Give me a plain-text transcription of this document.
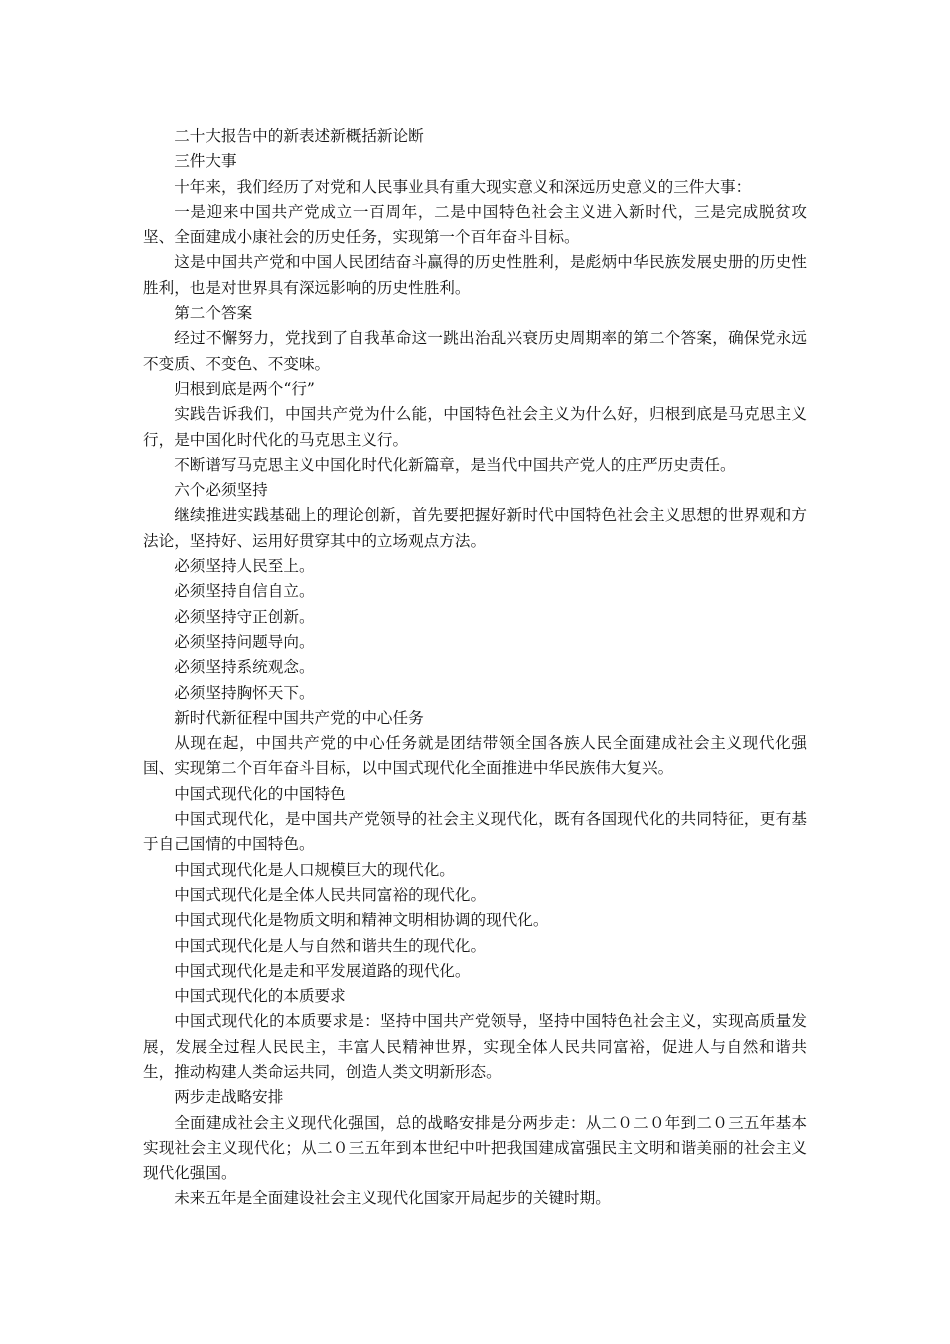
二十大报告中的新表述新概括新论断

三件大事

十年来，我们经历了对党和人民事业具有重大现实意义和深远历史意义的三件大事：

一是迎来中国共产党成立一百周年，二是中国特色社会主义进入新时代，三是完成脱贫攻坚、全面建成小康社会的历史任务，实现第一个百年奋斗目标。

这是中国共产党和中国人民团结奋斗赢得的历史性胜利，是彪炳中华民族发展史册的历史性胜利，也是对世界具有深远影响的历史性胜利。

第二个答案

经过不懈努力，党找到了自我革命这一跳出治乱兴衰历史周期率的第二个答案，确保党永远不变质、不变色、不变味。

归根到底是两个“行”

实践告诉我们，中国共产党为什么能，中国特色社会主义为什么好，归根到底是马克思主义行，是中国化时代化的马克思主义行。

不断谱写马克思主义中国化时代化新篇章，是当代中国共产党人的庄严历史责任。

六个必须坚持

继续推进实践基础上的理论创新，首先要把握好新时代中国特色社会主义思想的世界观和方法论，坚持好、运用好贯穿其中的立场观点方法。

必须坚持人民至上。

必须坚持自信自立。

必须坚持守正创新。

必须坚持问题导向。

必须坚持系统观念。

必须坚持胸怀天下。

新时代新征程中国共产党的中心任务

从现在起，中国共产党的中心任务就是团结带领全国各族人民全面建成社会主义现代化强国、实现第二个百年奋斗目标，以中国式现代化全面推进中华民族伟大复兴。

中国式现代化的中国特色

中国式现代化，是中国共产党领导的社会主义现代化，既有各国现代化的共同特征，更有基于自己国情的中国特色。

中国式现代化是人口规模巨大的现代化。

中国式现代化是全体人民共同富裕的现代化。

中国式现代化是物质文明和精神文明相协调的现代化。

中国式现代化是人与自然和谐共生的现代化。

中国式现代化是走和平发展道路的现代化。

中国式现代化的本质要求

中国式现代化的本质要求是：坚持中国共产党领导，坚持中国特色社会主义，实现高质量发展，发展全过程人民民主，丰富人民精神世界，实现全体人民共同富裕，促进人与自然和谐共生，推动构建人类命运共同，创造人类文明新形态。

两步走战略安排

全面建成社会主义现代化强国，总的战略安排是分两步走：从二０二０年到二０三五年基本实现社会主义现代化；从二０三五年到本世纪中叶把我国建成富强民主文明和谐美丽的社会主义现代化强国。

未来五年是全面建设社会主义现代化国家开局起步的关键时期。
